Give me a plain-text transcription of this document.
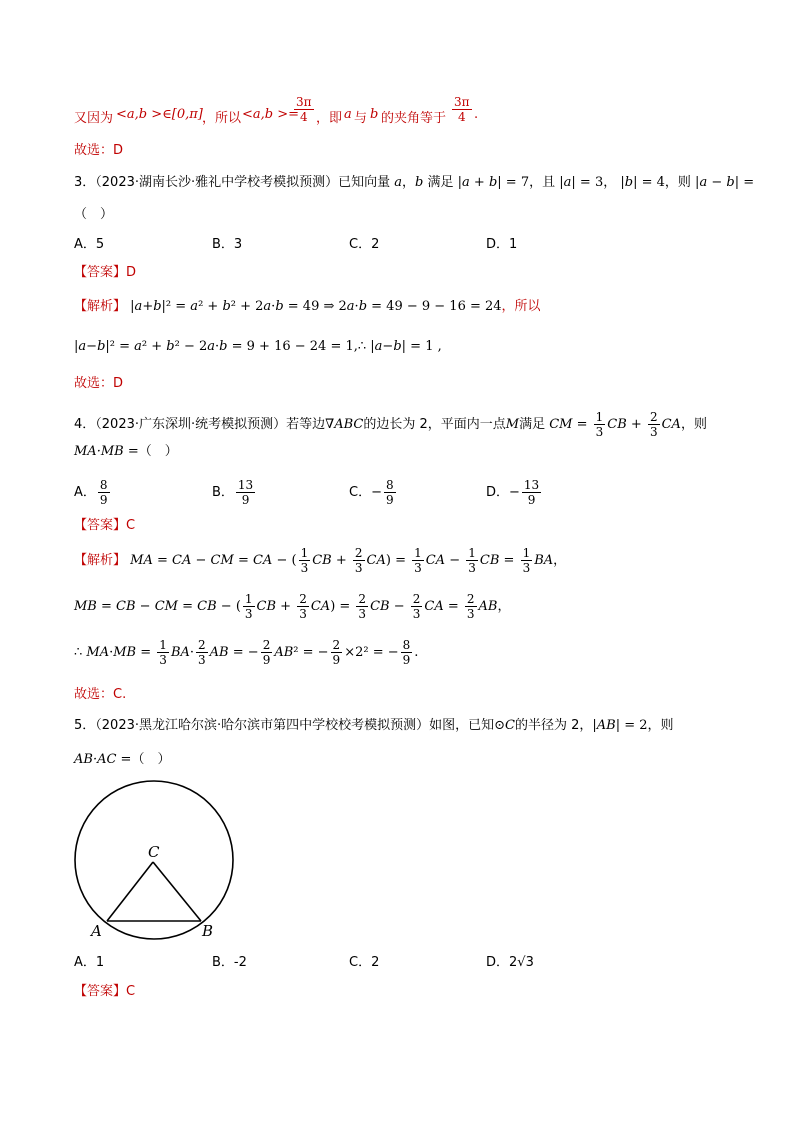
又因为 <a,b >∈[0,π] ，所以 <a,b >=
$\frac{3\pi}{4}$ ，即 a 与 b 的夹角等于 $\frac{3\pi}{4}$ .
故选：D
3．（2023·湖南长沙·雅礼中学校考模拟预测）已知向量 a，b 满足 |a + b| = 7，且 |a| = 3， |b| = 4，则 |a − b| =
（　）
A．5	B．3	C．2	D．1
【答案】D
【解析】 |a+b|² = a² + b² + 2a·b = 49 ⇒ 2a·b = 49 − 9 − 16 = 24，所以
|a−b|² = a² + b² − 2a·b = 9 + 16 − 24 = 1,∴ |a−b| = 1 ,
故选：D
4．（2023·广东深圳·统考模拟预测）若等边∇ABC的边长为 2，平面内一点M满足 CM = $\frac{1}{3}$ CB + $\frac{2}{3}$ CA，则
MA·MB =（　）
A． $\frac{8}{9}$	B． $\frac{13}{9}$	C．− $\frac{8}{9}$	D．− $\frac{13}{9}$
【答案】C
【解析】 MA = CA − CM = CA − ( $\frac{1}{3}$ CB + $\frac{2}{3} CA) = \frac{1}{3}$ CA − $\frac{1}{3}$ CB = $\frac{1}{3}$ BA，
MB = CB − CM = CB − ( $\frac{1}{3}$ CB + $\frac{2}{3} CA) = \frac{2}{3}$ CB − $\frac{2}{3}$ CA = $\frac{2}{3}$ AB，
∴ $MA\cdot MB = \frac{1}{3} BA\cdot \frac{2}{3}$ AB = − $\frac{2}{9} AB^2$ = − $\frac{2}{9} \times 2^2$ = − $\frac{8}{9}$ .
故选：C.
5．（2023·黑龙江哈尔滨·哈尔滨市第四中学校校考模拟预测）如图，已知⊙C的半径为 2，|AB| = 2，则
AB·AC =（　）
C
A	B
A．1	B．-2	C．2	D．2√3
【答案】C
